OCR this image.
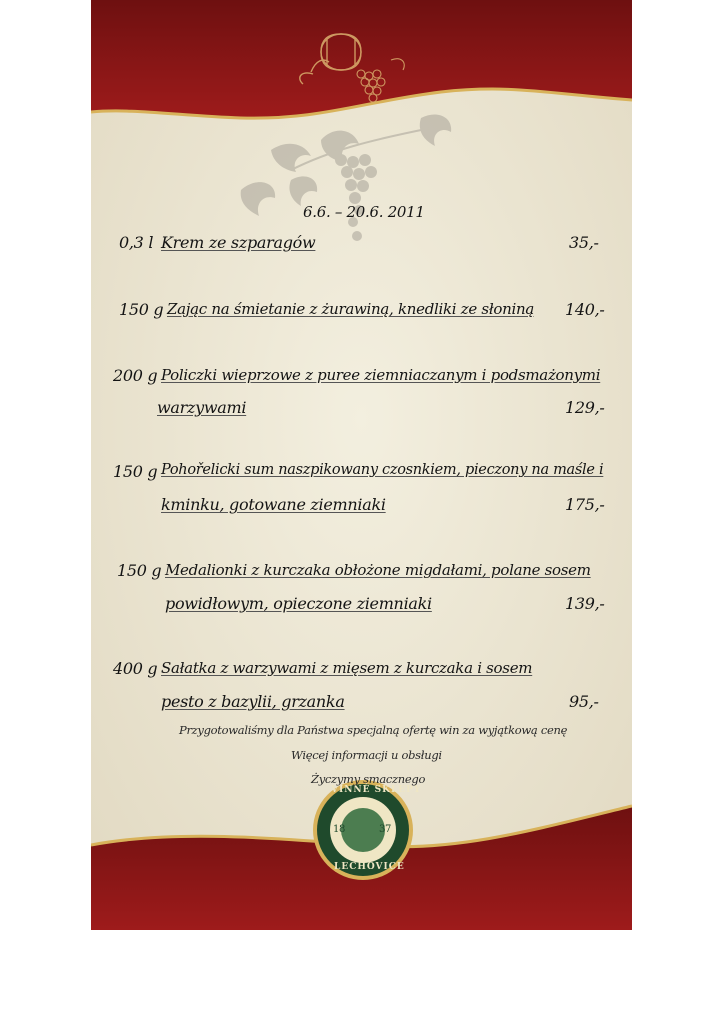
VINNÉ SKLEPY
LECHOVICE
18	37
6.6. – 20.6. 2011
0,3 l Krem ze szparagów	35,-
150 g Zając na śmietanie z żurawiną, knedliki ze słoniną 140,-
200 g Policzki wieprzowe z puree ziemniaczanym i podsmażonymi
warzywami	129,-
150 g Pohořelicki sum naszpikowany czosnkiem, pieczony na maśle i
kminku, gotowane ziemniaki	175,-
150 g Medalionki z kurczaka obłożone migdałami, polane sosem
powidłowym, opieczone ziemniaki	139,-
400 g Sałatka z warzywami z mięsem z kurczaka i sosem
pesto z bazylii, grzanka	95,-
Przygotowaliśmy dla Państwa specjalną ofertę win za wyjątkową cenę
Więcej informacji u obsługi
Życzymy smacznego
